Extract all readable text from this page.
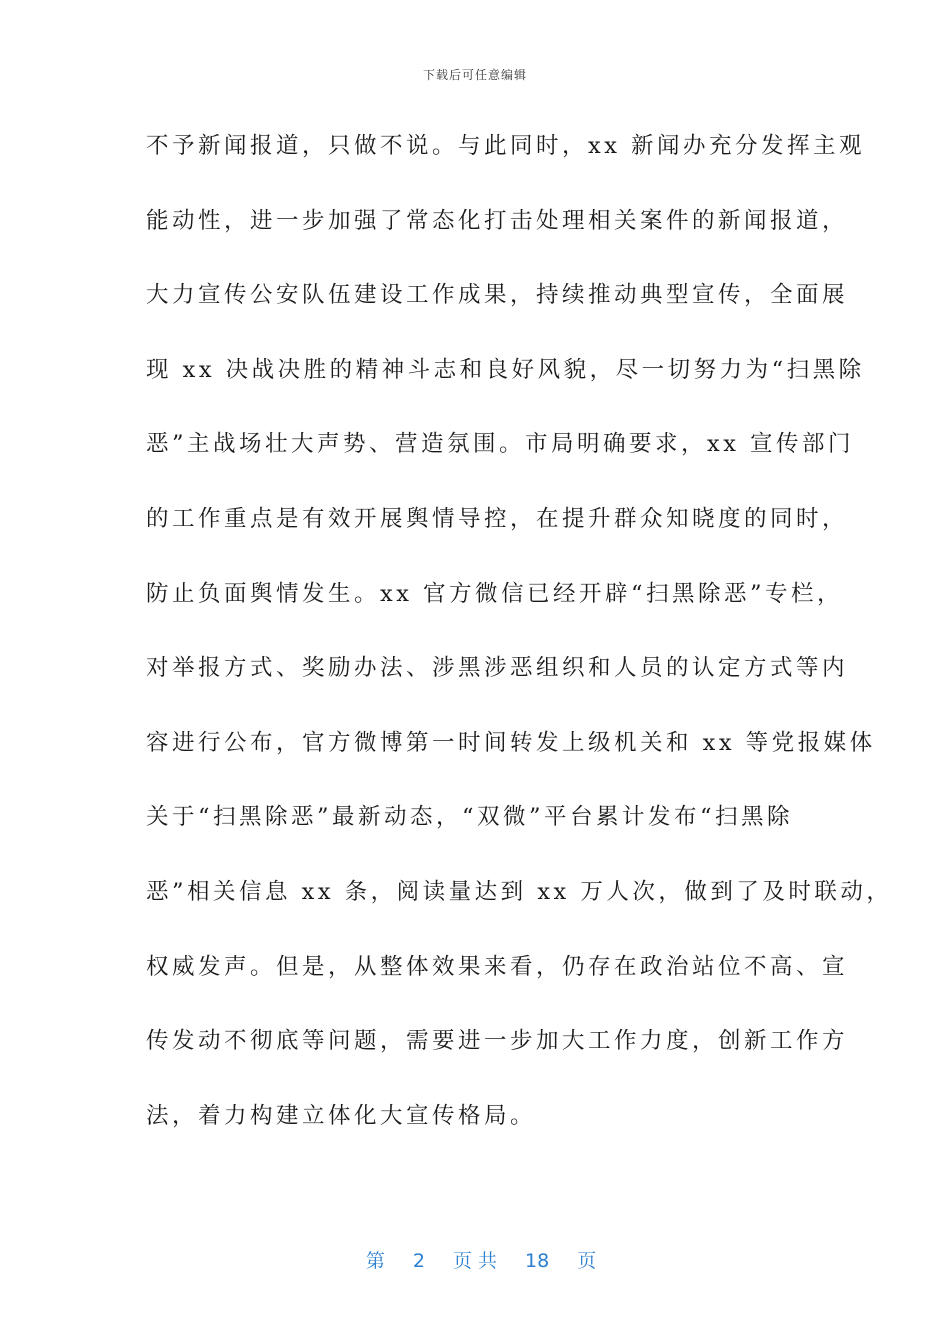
下载后可任意编辑
不予新闻报道，只做不说。与此同时，xx 新闻办充分发挥主观
能动性，进一步加强了常态化打击处理相关案件的新闻报道，
大力宣传公安队伍建设工作成果，持续推动典型宣传，全面展
现 xx 决战决胜的精神斗志和良好风貌，尽一切努力为“扫黑除
恶”主战场壮大声势、营造氛围。市局明确要求，xx 宣传部门
的工作重点是有效开展舆情导控，在提升群众知晓度的同时，
防止负面舆情发生。xx 官方微信已经开辟“扫黑除恶”专栏，
对举报方式、奖励办法、涉黑涉恶组织和人员的认定方式等内
容进行公布，官方微博第一时间转发上级机关和 xx 等党报媒体
关于“扫黑除恶”最新动态，“双微”平台累计发布“扫黑除
恶”相关信息 xx 条，阅读量达到 xx 万人次，做到了及时联动，
权威发声。但是，从整体效果来看，仍存在政治站位不高、宣
传发动不彻底等问题，需要进一步加大工作力度，创新工作方
法，着力构建立体化大宣传格局。

第 2 页 共 18 页
